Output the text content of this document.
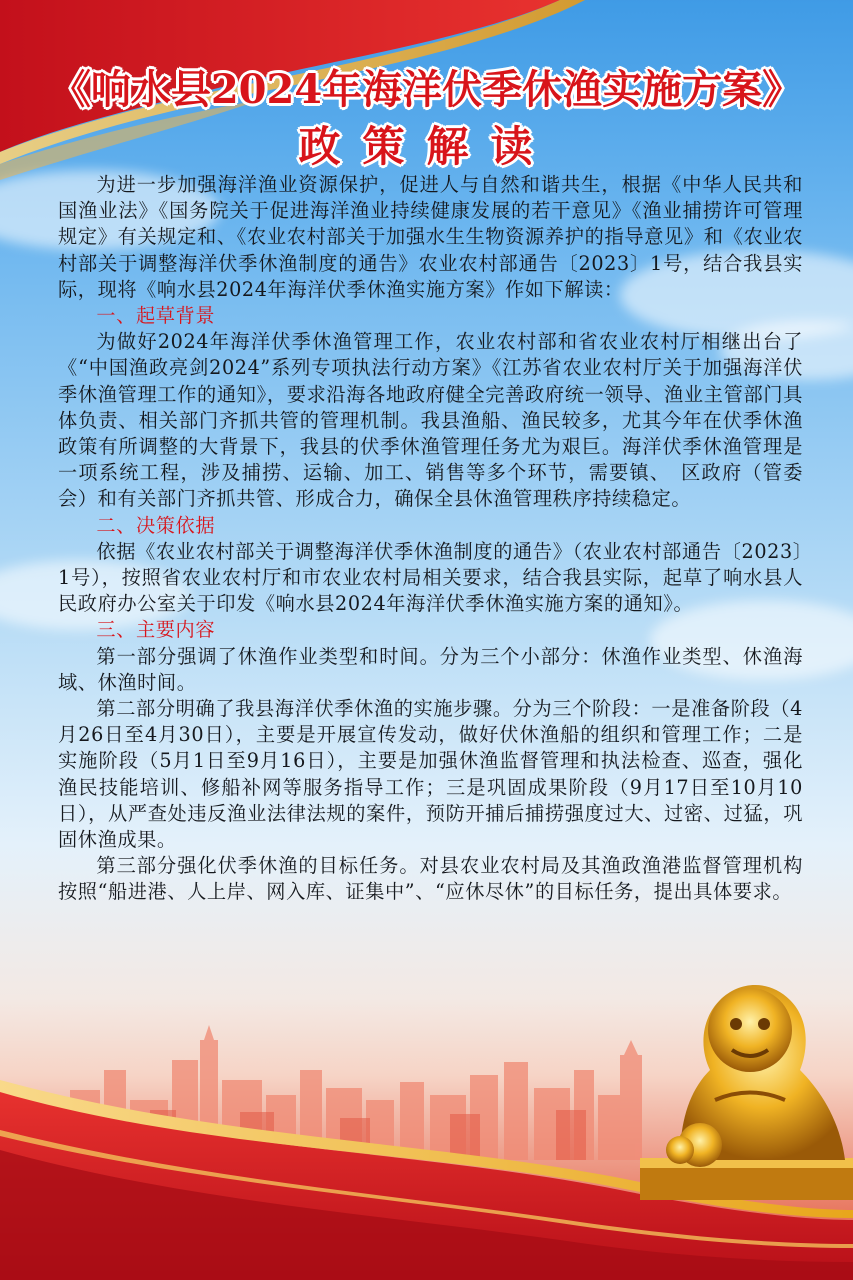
《响水县2024年海洋伏季休渔实施方案》
政策解读

为进一步加强海洋渔业资源保护，促进人与自然和谐共生，根据《中华人民共和国渔业法》《国务院关于促进海洋渔业持续健康发展的若干意见》《渔业捕捞许可管理规定》有关规定和、《农业农村部关于加强水生生物资源养护的指导意见》和《农业农村部关于调整海洋伏季休渔制度的通告》农业农村部通告〔2023〕1号，结合我县实际，现将《响水县2024年海洋伏季休渔实施方案》作如下解读：

一、起草背景

为做好2024年海洋伏季休渔管理工作，农业农村部和省农业农村厅相继出台了《“中国渔政亮剑2024”系列专项执法行动方案》《江苏省农业农村厅关于加强海洋伏季休渔管理工作的通知》，要求沿海各地政府健全完善政府统一领导、渔业主管部门具体负责、相关部门齐抓共管的管理机制。我县渔船、渔民较多，尤其今年在伏季休渔政策有所调整的大背景下，我县的伏季休渔管理任务尤为艰巨。海洋伏季休渔管理是一项系统工程，涉及捕捞、运输、加工、销售等多个环节，需要镇、　区政府（管委会）和有关部门齐抓共管、形成合力，确保全县休渔管理秩序持续稳定。

二、决策依据

依据《农业农村部关于调整海洋伏季休渔制度的通告》（农业农村部通告〔2023〕1号），按照省农业农村厅和市农业农村局相关要求，结合我县实际，起草了响水县人民政府办公室关于印发《响水县2024年海洋伏季休渔实施方案的通知》。

三、主要内容

第一部分强调了休渔作业类型和时间。分为三个小部分：休渔作业类型、休渔海域、休渔时间。

第二部分明确了我县海洋伏季休渔的实施步骤。分为三个阶段：一是准备阶段（4月26日至4月30日），主要是开展宣传发动，做好伏休渔船的组织和管理工作；二是实施阶段（5月1日至9月16日），主要是加强休渔监督管理和执法检查、巡查，强化渔民技能培训、修船补网等服务指导工作；三是巩固成果阶段（9月17日至10月10日），从严查处违反渔业法律法规的案件，预防开捕后捕捞强度过大、过密、过猛，巩固休渔成果。

第三部分强化伏季休渔的目标任务。对县农业农村局及其渔政渔港监督管理机构按照“船进港、人上岸、网入库、证集中”、“应休尽休”的目标任务，提出具体要求。
